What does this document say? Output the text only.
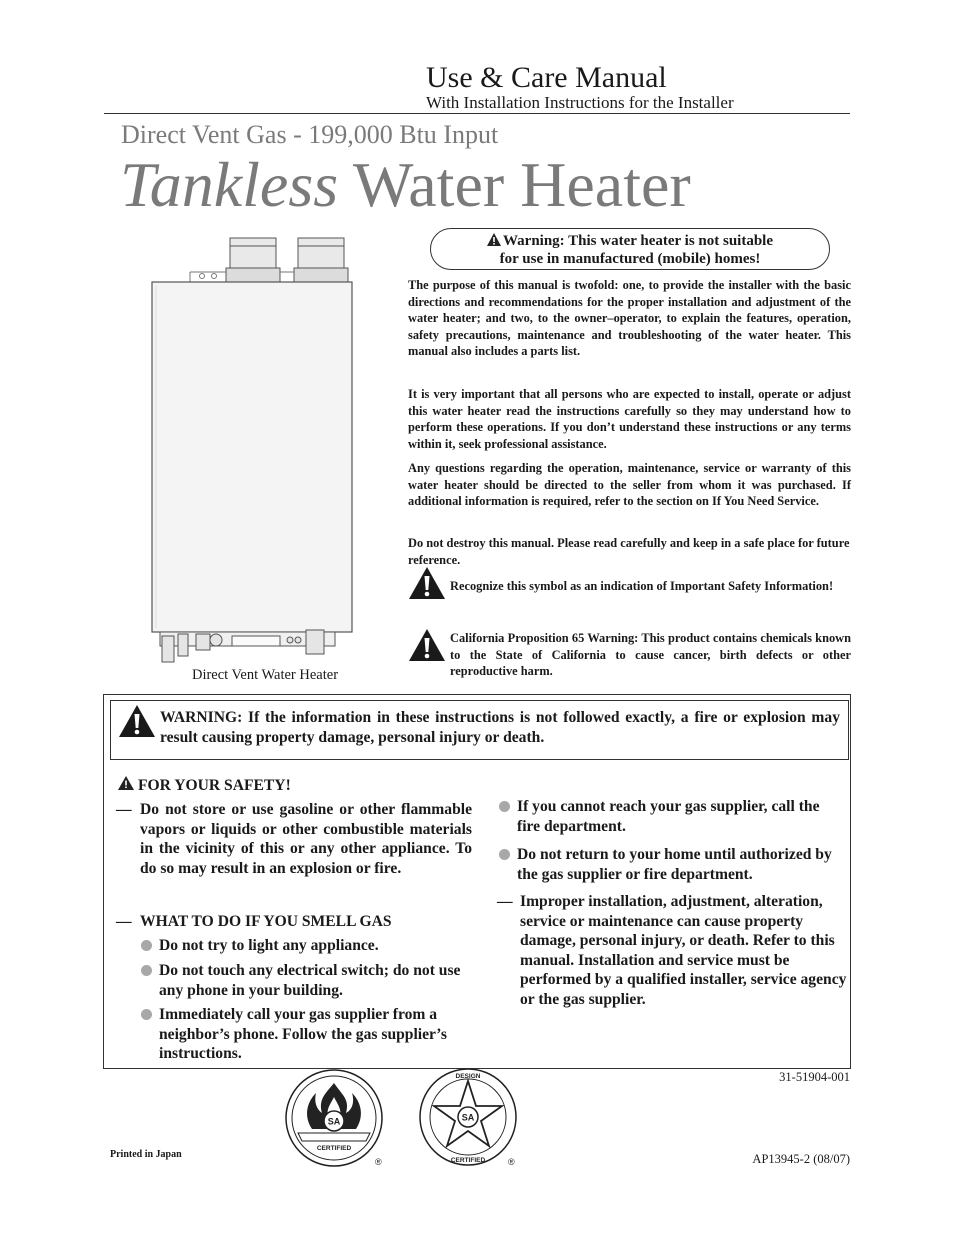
Use & Care Manual
With Installation Instructions for the Installer
Direct Vent Gas - 199,000 Btu Input
Tankless Water Heater
Direct Vent Water Heater
Warning: This water heater is not suitable
for use in manufactured (mobile) homes!

The purpose of this manual is twofold: one, to provide the installer with the basic directions and recommendations for the proper installation and adjustment of the water heater; and two, to the owner–operator, to explain the features, operation, safety precautions, maintenance and troubleshooting of the water heater. This manual also includes a parts list.

It is very important that all persons who are expected to install, operate or adjust this water heater read the instructions carefully so they may understand how to perform these operations. If you don’t understand these instructions or any terms within it, seek professional assistance.

Any questions regarding the operation, maintenance, service or warranty of this water heater should be directed to the seller from whom it was purchased. If additional information is required, refer to the section on If You Need Service.

Do not destroy this manual. Please read carefully and keep in a safe place for future reference.

Recognize this symbol as an indication of Important Safety Information!
California Proposition 65 Warning: This product contains chemicals known to the State of California to cause cancer, birth defects or other reproductive harm.
WARNING: If the information in these instructions is not followed exactly, a fire or explosion may result causing property damage, personal injury or death.
FOR YOUR SAFETY!
— Do not store or use gasoline or other flammable vapors or liquids or other combustible materials in the vicinity of this or any other appliance. To do so may result in an explosion or fire.
— WHAT TO DO IF YOU SMELL GAS
Do not try to light any appliance.
Do not touch any electrical switch; do not use any phone in your building.
Immediately call your gas supplier from a neighbor’s phone. Follow the gas supplier’s instructions.
If you cannot reach your gas supplier, call the fire department.
Do not return to your home until authorized by the gas supplier or fire department.
— Improper installation, adjustment, alteration, service or maintenance can cause property damage, personal injury, or death. Refer to this manual. Installation and service must be performed by a qualified installer, service agency or the gas supplier.
31-51904-001
SA
CERTIFIED
®
SA
DESIGN
CERTIFIED	®
Printed in Japan	AP13945-2 (08/07)
